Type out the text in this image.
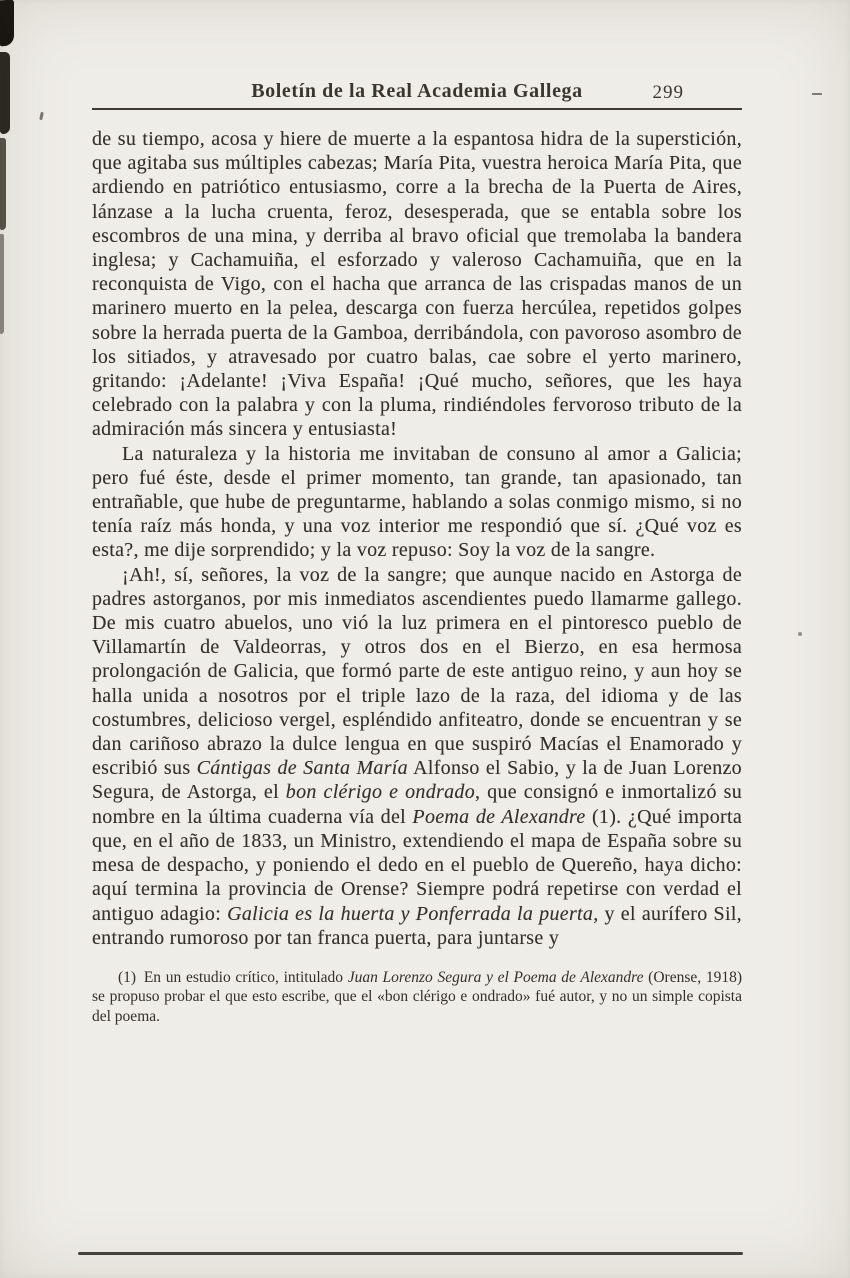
Boletín de la Real Academia Gallega	299

de su tiempo, acosa y hiere de muerte a la espantosa hidra de la superstición, que agitaba sus múltiples cabezas; María Pita, vuestra heroica María Pita, que ardiendo en patriótico entusiasmo, corre a la brecha de la Puerta de Aires, lánzase a la lucha cruenta, feroz, desesperada, que se entabla sobre los escombros de una mina, y derriba al bravo oficial que tremolaba la bandera inglesa; y Cachamuiña, el esforzado y valeroso Cachamuiña, que en la reconquista de Vigo, con el hacha que arranca de las crispadas manos de un marinero muerto en la pelea, descarga con fuerza hercúlea, repetidos golpes sobre la herrada puerta de la Gamboa, derribándola, con pavoroso asombro de los sitiados, y atravesado por cuatro balas, cae sobre el yerto marinero, gritando: ¡Adelante! ¡Viva España! ¡Qué mucho, señores, que les haya celebrado con la palabra y con la pluma, rindiéndoles fervoroso tributo de la admiración más sincera y entusiasta!

La naturaleza y la historia me invitaban de consuno al amor a Galicia; pero fué éste, desde el primer momento, tan grande, tan apasionado, tan entrañable, que hube de preguntarme, hablando a solas conmigo mismo, si no tenía raíz más honda, y una voz interior me respondió que sí. ¿Qué voz es esta?, me dije sorprendido; y la voz repuso: Soy la voz de la sangre.

¡Ah!, sí, señores, la voz de la sangre; que aunque nacido en Astorga de padres astorganos, por mis inmediatos ascendientes puedo llamarme gallego. De mis cuatro abuelos, uno vió la luz primera en el pintoresco pueblo de Villamartín de Valdeorras, y otros dos en el Bierzo, en esa hermosa prolongación de Galicia, que formó parte de este antiguo reino, y aun hoy se halla unida a nosotros por el triple lazo de la raza, del idioma y de las costumbres, delicioso vergel, espléndido anfiteatro, donde se encuentran y se dan cariñoso abrazo la dulce lengua en que suspiró Macías el Enamorado y escribió sus Cántigas de Santa María Alfonso el Sabio, y la de Juan Lorenzo Segura, de Astorga, el bon clérigo e ondrado, que consignó e inmortalizó su nombre en la última cuaderna vía del Poema de Alexandre (1). ¿Qué importa que, en el año de 1833, un Ministro, extendiendo el mapa de España sobre su mesa de despacho, y poniendo el dedo en el pueblo de Quereño, haya dicho: aquí termina la provincia de Orense? Siempre podrá repetirse con verdad el antiguo adagio: Galicia es la huerta y Ponferrada la puerta, y el aurífero Sil, entrando rumoroso por tan franca puerta, para juntarse y

(1) En un estudio crítico, intitulado Juan Lorenzo Segura y el Poema de Alexandre (Orense, 1918) se propuso probar el que esto escribe, que el «bon clérigo e ondrado» fué autor, y no un simple copista del poema.
